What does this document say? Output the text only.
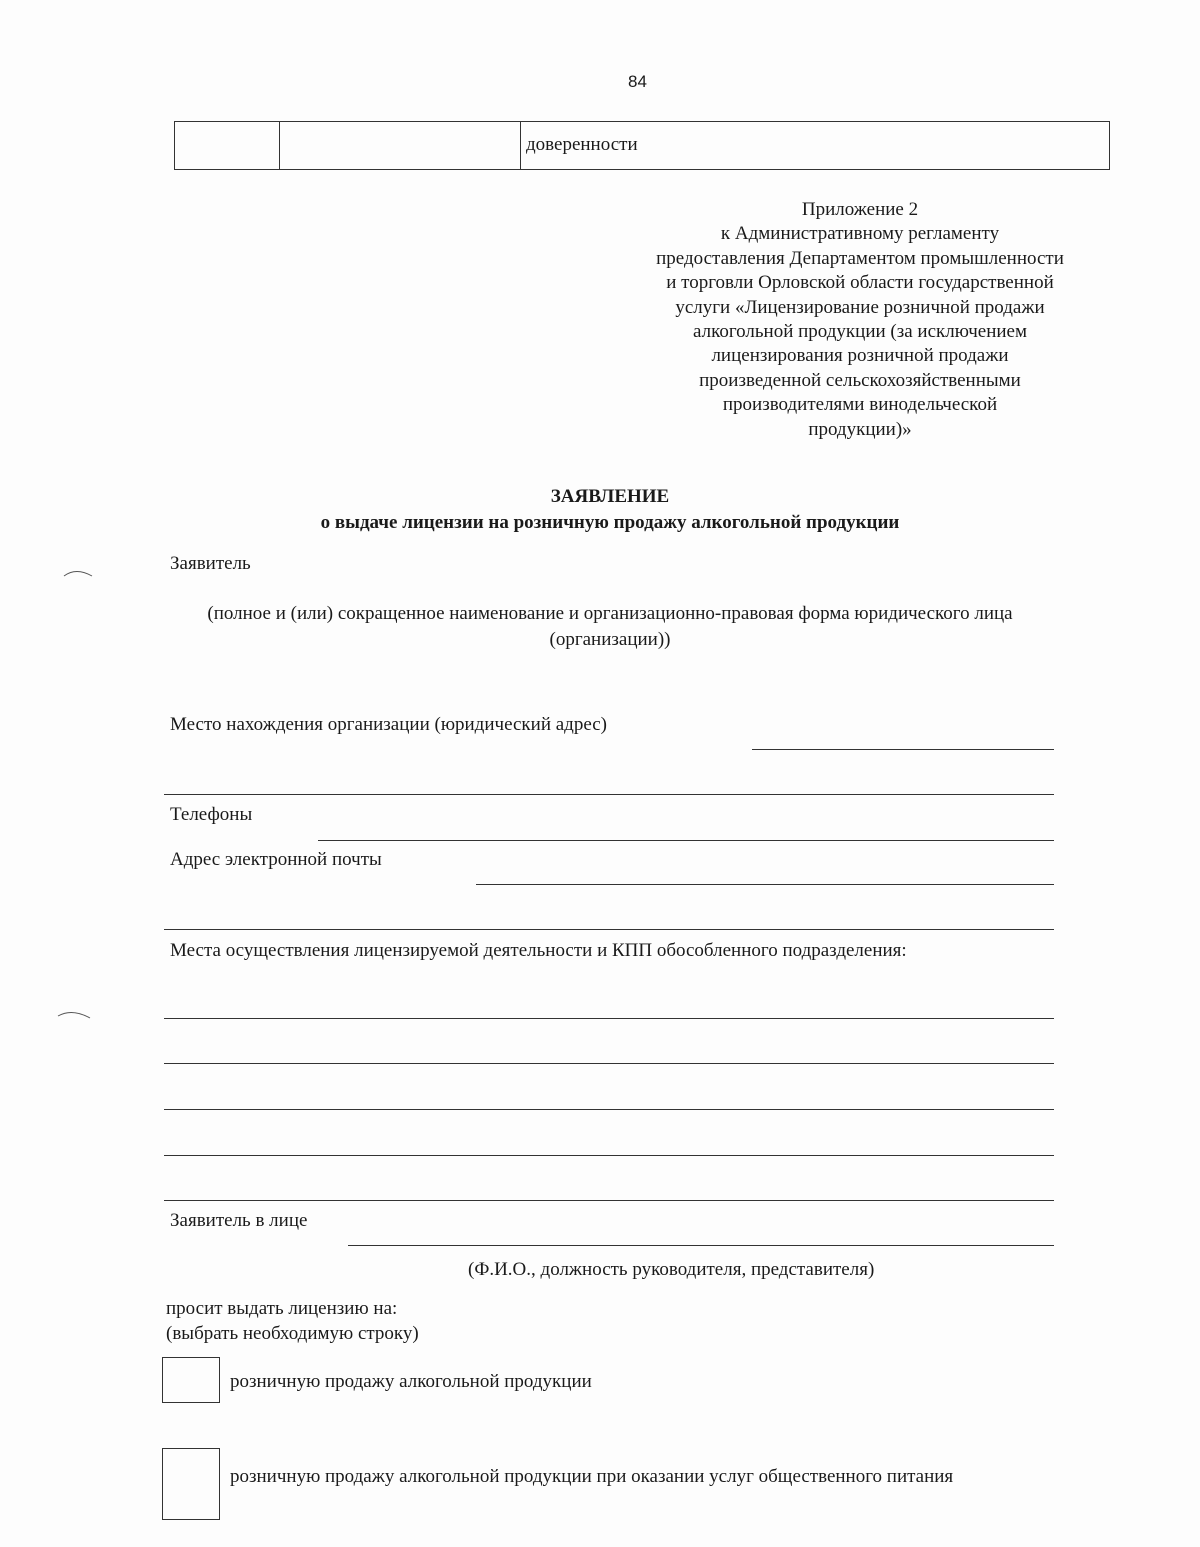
84
доверенности
Приложение 2
к Административному регламенту
предоставления Департаментом промышленности
и торговли Орловской области государственной
услуги «Лицензирование розничной продажи
алкогольной продукции (за исключением
лицензирования розничной продажи
произведенной сельскохозяйственными
производителями винодельческой
продукции)»
ЗАЯВЛЕНИЕ
о выдаче лицензии на розничную продажу алкогольной продукции
Заявитель
(полное и (или) сокращенное наименование и организационно-правовая форма юридического лица (организации))
Место нахождения организации (юридический адрес)
Телефоны
Адрес электронной почты
Места осуществления лицензируемой деятельности и КПП обособленного подразделения:
Заявитель в лице
(Ф.И.О., должность руководителя, представителя)
просит выдать лицензию на:
(выбрать необходимую строку)
розничную продажу алкогольной продукции
розничную продажу алкогольной продукции при оказании услуг общественного питания
